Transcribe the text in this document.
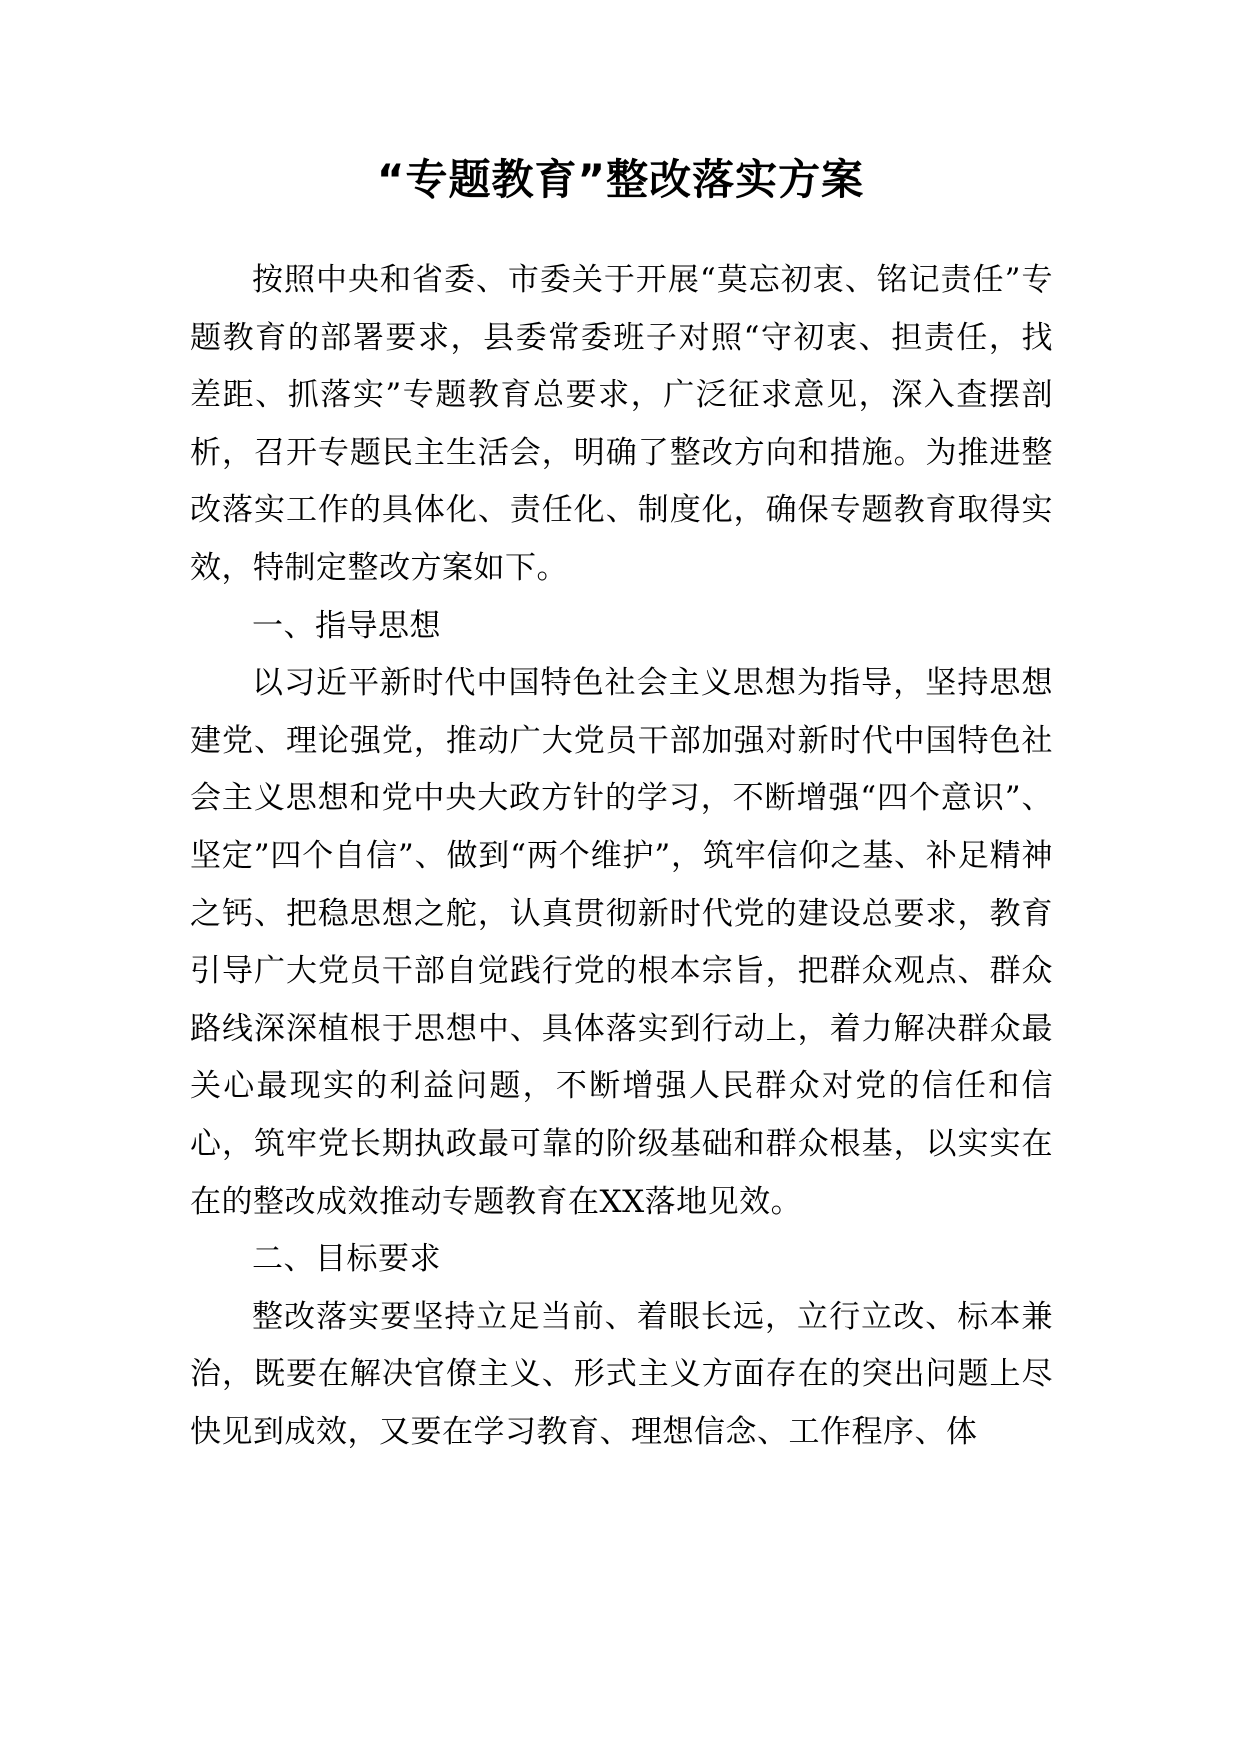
“专题教育”整改落实方案

按照中央和省委、市委关于开展“莫忘初衷、铭记责任”专题教育的部署要求，县委常委班子对照“守初衷、担责任，找差距、抓落实”专题教育总要求，广泛征求意见，深入查摆剖析，召开专题民主生活会，明确了整改方向和措施。为推进整改落实工作的具体化、责任化、制度化，确保专题教育取得实效，特制定整改方案如下。

一、指导思想

以习近平新时代中国特色社会主义思想为指导，坚持思想建党、理论强党，推动广大党员干部加强对新时代中国特色社会主义思想和党中央大政方针的学习，不断增强“四个意识”、坚定”四个自信”、做到“两个维护”，筑牢信仰之基、补足精神之钙、把稳思想之舵，认真贯彻新时代党的建设总要求，教育引导广大党员干部自觉践行党的根本宗旨，把群众观点、群众路线深深植根于思想中、具体落实到行动上，着力解决群众最关心最现实的利益问题，不断增强人民群众对党的信任和信心，筑牢党长期执政最可靠的阶级基础和群众根基，以实实在在的整改成效推动专题教育在XX落地见效。

二、目标要求

整改落实要坚持立足当前、着眼长远，立行立改、标本兼治，既要在解决官僚主义、形式主义方面存在的突出问题上尽快见到成效，又要在学习教育、理想信念、工作程序、体
